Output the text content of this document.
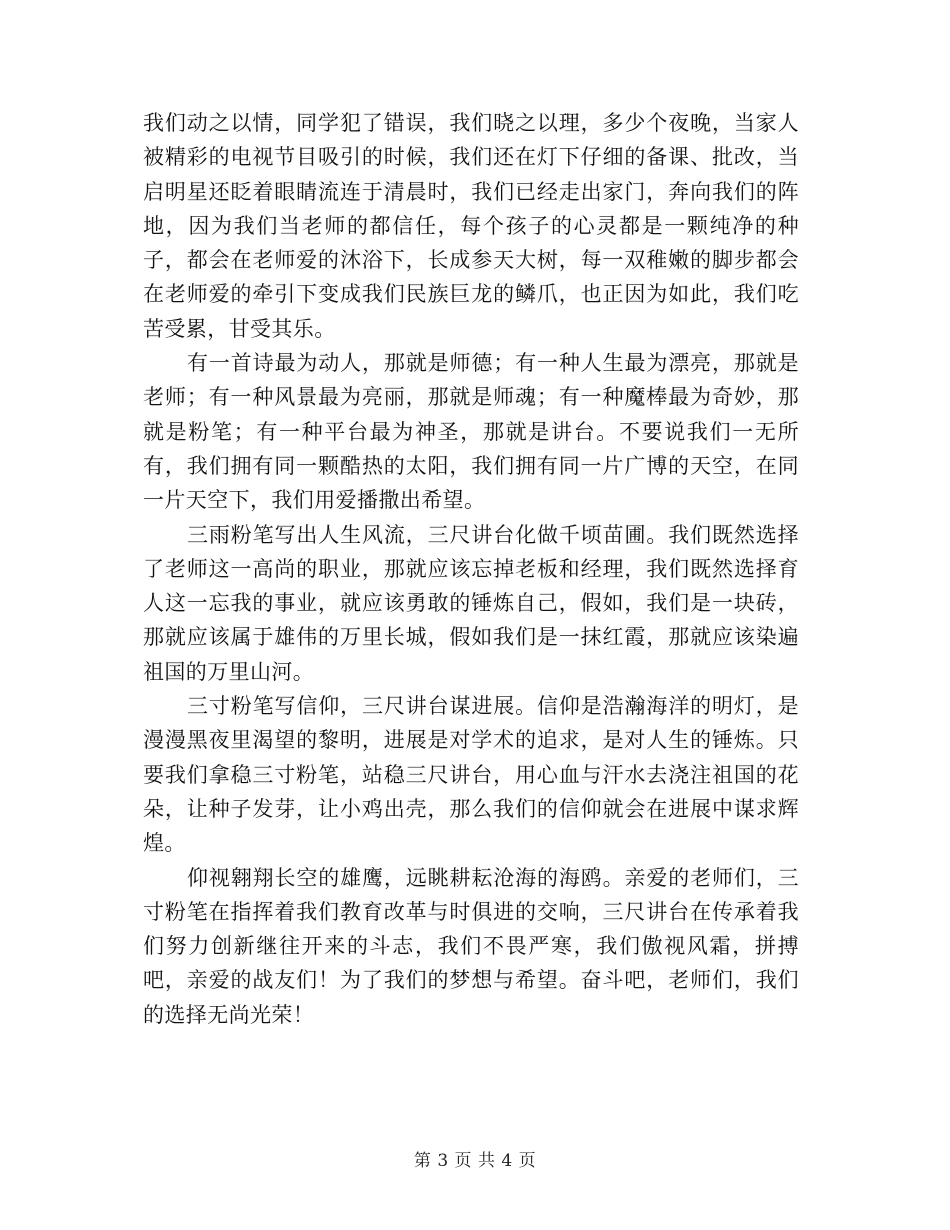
我们动之以情，同学犯了错误，我们晓之以理，多少个夜晚，当家人被精彩的电视节目吸引的时候，我们还在灯下仔细的备课、批改，当启明星还眨着眼睛流连于清晨时，我们已经走出家门，奔向我们的阵地，因为我们当老师的都信任，每个孩子的心灵都是一颗纯净的种子，都会在老师爱的沐浴下，长成参天大树，每一双稚嫩的脚步都会在老师爱的牵引下变成我们民族巨龙的鳞爪，也正因为如此，我们吃苦受累，甘受其乐。

有一首诗最为动人，那就是师德；有一种人生最为漂亮，那就是老师；有一种风景最为亮丽，那就是师魂；有一种魔棒最为奇妙，那就是粉笔；有一种平台最为神圣，那就是讲台。不要说我们一无所有，我们拥有同一颗酷热的太阳，我们拥有同一片广博的天空，在同一片天空下，我们用爱播撒出希望。

三雨粉笔写出人生风流，三尺讲台化做千顷苗圃。我们既然选择了老师这一高尚的职业，那就应该忘掉老板和经理，我们既然选择育人这一忘我的事业，就应该勇敢的锤炼自己，假如，我们是一块砖，那就应该属于雄伟的万里长城，假如我们是一抹红霞，那就应该染遍祖国的万里山河。

三寸粉笔写信仰，三尺讲台谋进展。信仰是浩瀚海洋的明灯，是漫漫黑夜里渴望的黎明，进展是对学术的追求，是对人生的锤炼。只要我们拿稳三寸粉笔，站稳三尺讲台，用心血与汗水去浇注祖国的花朵，让种子发芽，让小鸡出壳，那么我们的信仰就会在进展中谋求辉煌。

仰视翱翔长空的雄鹰，远眺耕耘沧海的海鸥。亲爱的老师们，三寸粉笔在指挥着我们教育改革与时俱进的交响，三尺讲台在传承着我们努力创新继往开来的斗志，我们不畏严寒，我们傲视风霜，拼搏吧，亲爱的战友们！为了我们的梦想与希望。奋斗吧，老师们，我们的选择无尚光荣！

第 3 页 共 4 页
